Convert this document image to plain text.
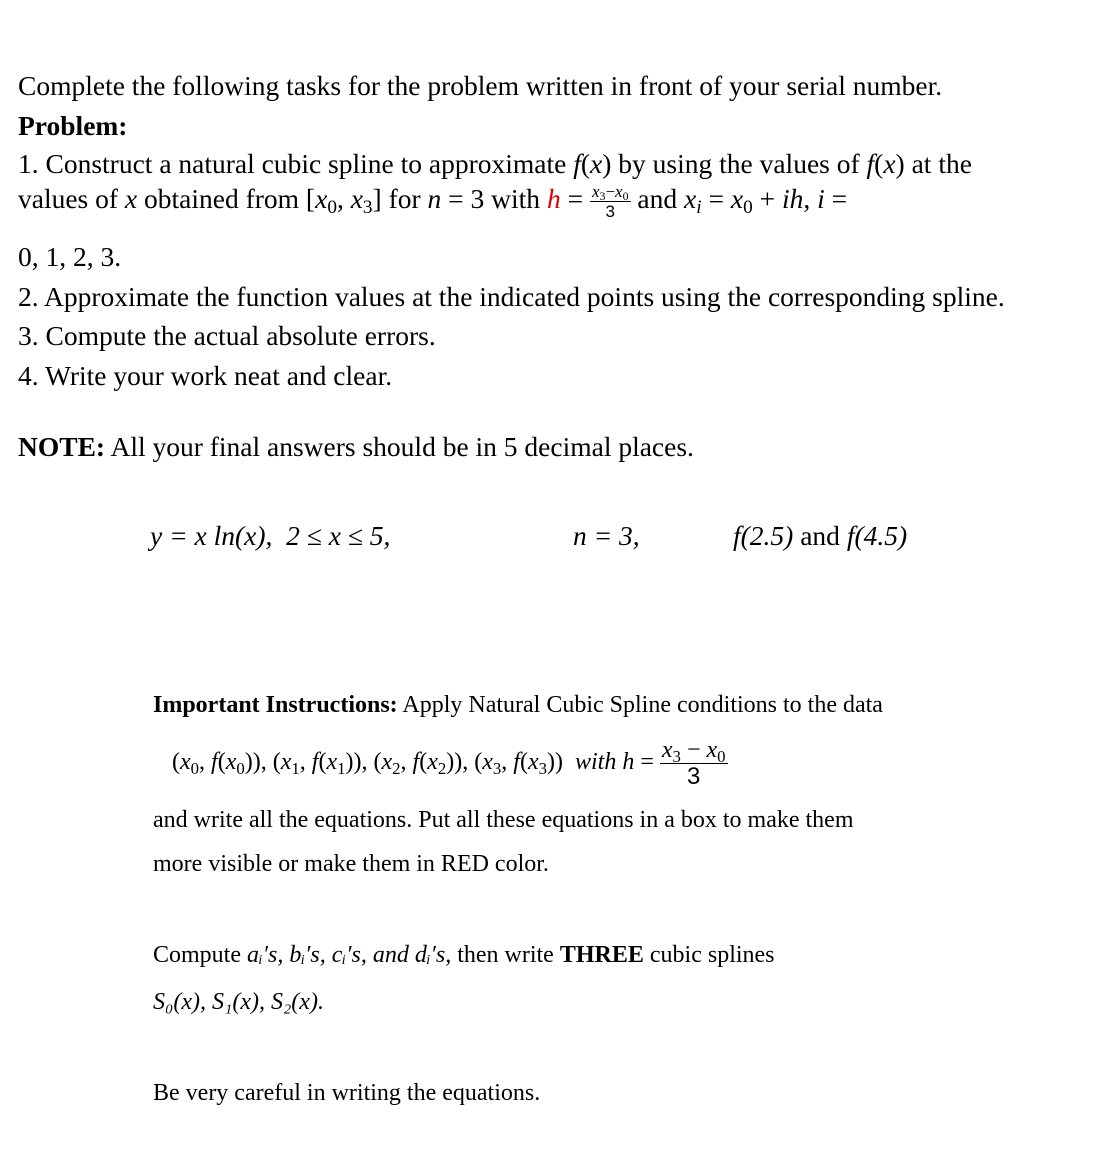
Complete the following tasks for the problem written in front of your serial number.
Problem:
1. Construct a natural cubic spline to approximate f(x) by using the values of f(x) at the
values of x obtained from [x0, x3] for n = 3 with $h = \frac{x3-x0}{3}$ and xi = x0 + ih, i =
0, 1, 2, 3.
2. Approximate the function values at the indicated points using the corresponding spline.
3. Compute the actual absolute errors.
4. Write your work neat and clear.
NOTE: All your final answers should be in 5 decimal places.
y = x ln(x), 2 ≤ x ≤ 5,	n = 3,	f(2.5) and f(4.5)
Important Instructions: Apply Natural Cubic Spline conditions to the data
(x0, f(x0)), (x1, f(x1)), (x2, f(x2)), (x3, f(x3))  with $h = \frac{x3 - x0}{3}$
and write all the equations. Put all these equations in a box to make them
more visible or make them in RED color.
Compute aᵢ′s, bᵢ′s, cᵢ′s, and dᵢ′s, then write THREE cubic splines
S₀(x), S₁(x), S₂(x).
Be very careful in writing the equations.
